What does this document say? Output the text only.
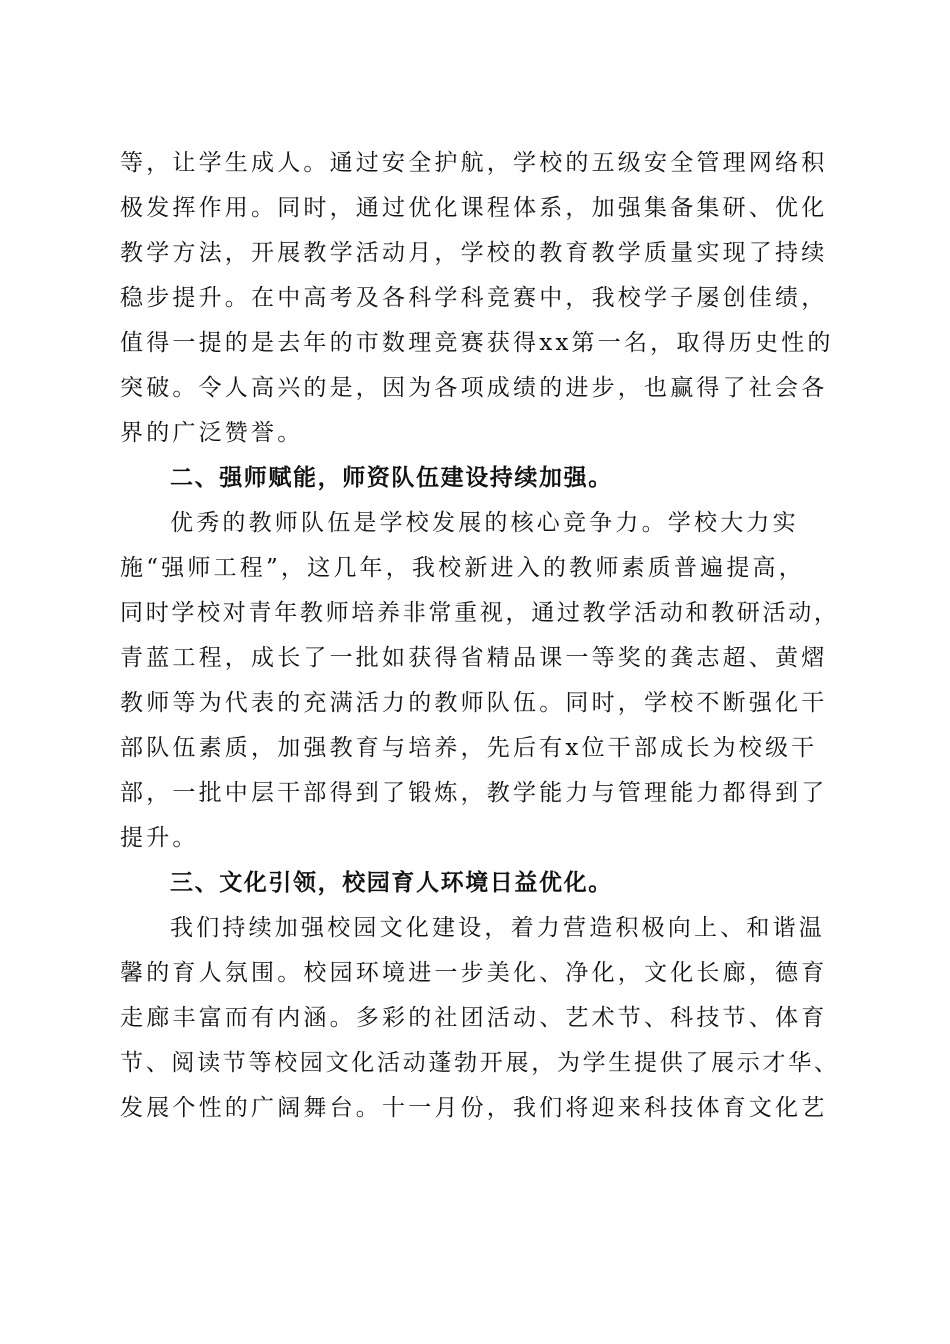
等，让学生成人。通过安全护航，学校的五级安全管理网络积
极发挥作用。同时，通过优化课程体系，加强集备集研、优化
教学方法，开展教学活动月，学校的教育教学质量实现了持续
稳步提升。在中高考及各科学科竞赛中，我校学子屡创佳绩，
值得一提的是去年的市数理竞赛获得xx第一名，取得历史性的
突破。令人高兴的是，因为各项成绩的进步，也赢得了社会各
界的广泛赞誉。
二、强师赋能，师资队伍建设持续加强。
优秀的教师队伍是学校发展的核心竞争力。学校大力实
施“强师工程”，这几年，我校新进入的教师素质普遍提高，
同时学校对青年教师培养非常重视，通过教学活动和教研活动，
青蓝工程，成长了一批如获得省精品课一等奖的龚志超、黄熠
教师等为代表的充满活力的教师队伍。同时，学校不断强化干
部队伍素质，加强教育与培养，先后有x位干部成长为校级干
部，一批中层干部得到了锻炼，教学能力与管理能力都得到了
提升。
三、文化引领，校园育人环境日益优化。
我们持续加强校园文化建设，着力营造积极向上、和谐温
馨的育人氛围。校园环境进一步美化、净化，文化长廊，德育
走廊丰富而有内涵。多彩的社团活动、艺术节、科技节、体育
节、阅读节等校园文化活动蓬勃开展，为学生提供了展示才华、
发展个性的广阔舞台。十一月份，我们将迎来科技体育文化艺
